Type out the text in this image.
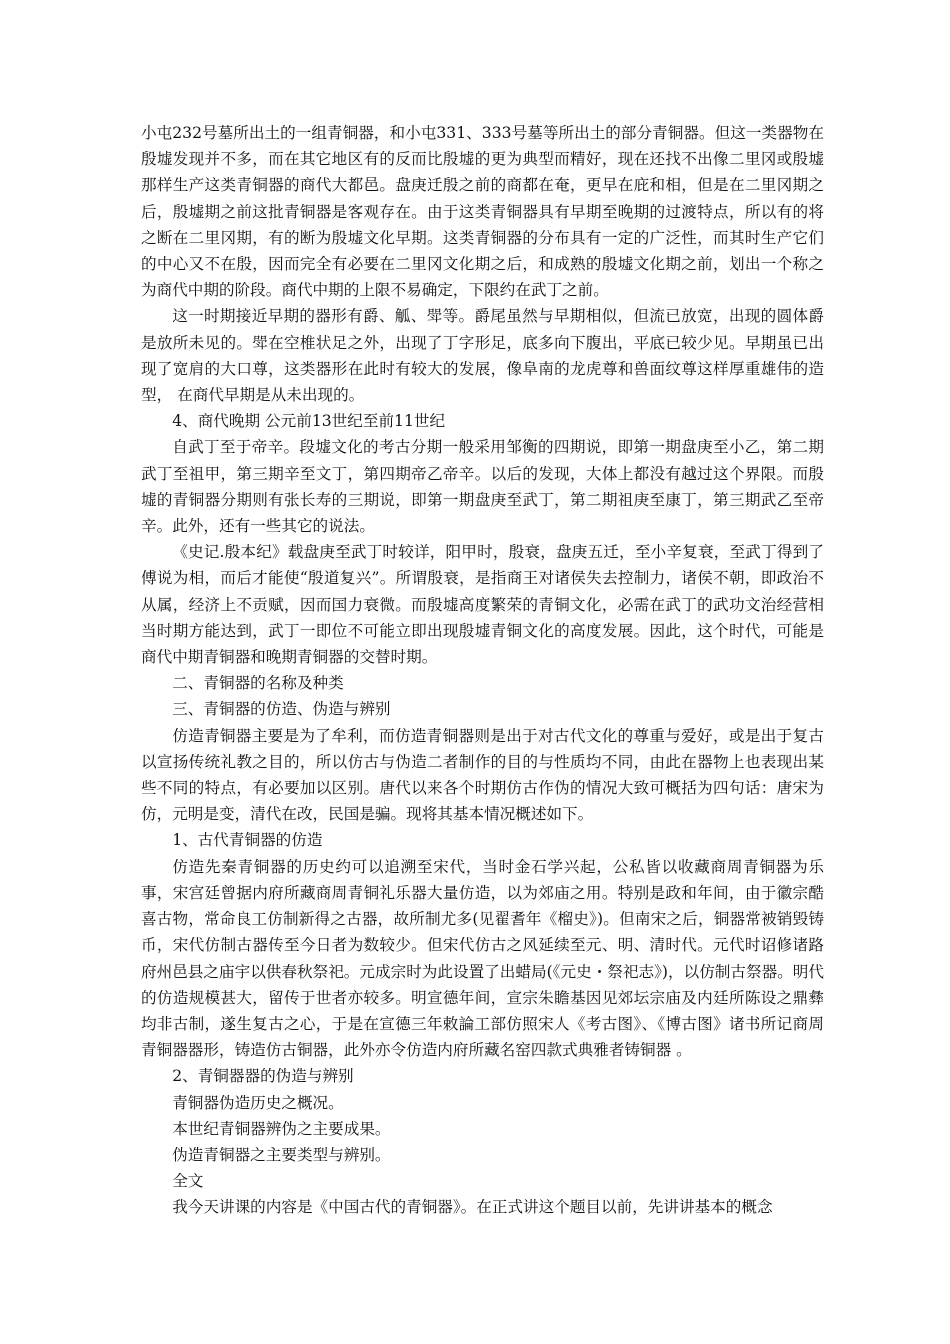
小屯232号墓所出土的一组青铜器，和小屯331、333号墓等所出土的部分青铜器。但这一类器物在殷墟发现并不多，而在其它地区有的反而比殷墟的更为典型而精好，现在还找不出像二里冈或殷墟那样生产这类青铜器的商代大都邑。盘庚迁殷之前的商都在奄，更早在庇和相，但是在二里冈期之后，殷墟期之前这批青铜器是客观存在。由于这类青铜器具有早期至晚期的过渡特点，所以有的将之断在二里冈期，有的断为殷墟文化早期。这类青铜器的分布具有一定的广泛性，而其时生产它们的中心又不在殷，因而完全有必要在二里冈文化期之后，和成熟的殷墟文化期之前，划出一个称之为商代中期的阶段。商代中期的上限不易确定，下限约在武丁之前。

这一时期接近早期的器形有爵、觚、斝等。爵尾虽然与早期相似，但流已放宽，出现的圆体爵是放所未见的。斝在空椎状足之外，出现了丁字形足，底多向下腹出，平底已较少见。早期虽已出现了宽肩的大口尊，这类器形在此时有较大的发展，像阜南的龙虎尊和兽面纹尊这样厚重雄伟的造型， 在商代早期是从未出现的。

4、商代晚期 公元前13世纪至前11世纪

自武丁至于帝辛。段墟文化的考古分期一般采用邹衡的四期说，即第一期盘庚至小乙，第二期武丁至祖甲，第三期辛至文丁，第四期帝乙帝辛。以后的发现，大体上都没有越过这个界限。而殷墟的青铜器分期则有张长寿的三期说，即第一期盘庚至武丁，第二期祖庚至康丁，第三期武乙至帝辛。此外，还有一些其它的说法。

《史记.殷本纪》载盘庚至武丁时较详，阳甲时，殷衰，盘庚五迁，至小辛复衰，至武丁得到了傅说为相，而后才能使“殷道复兴”。所谓殷衰，是指商王对诸侯失去控制力，诸侯不朝，即政治不从属，经济上不贡赋，因而国力衰微。而殷墟高度繁荣的青铜文化，必需在武丁的武功文治经营相当时期方能达到，武丁一即位不可能立即出现殷墟青铜文化的高度发展。因此，这个时代，可能是商代中期青铜器和晚期青铜器的交替时期。

二、青铜器的名称及种类

三、青铜器的仿造、伪造与辨别

仿造青铜器主要是为了牟利，而仿造青铜器则是出于对古代文化的尊重与爱好，或是出于复古以宣扬传统礼教之目的，所以仿古与伪造二者制作的目的与性质均不同，由此在器物上也表现出某些不同的特点，有必要加以区别。唐代以来各个时期仿古作伪的情况大致可概括为四句话：唐宋为仿，元明是变，清代在改，民国是骗。现将其基本情况概述如下。

1、古代青铜器的仿造

仿造先秦青铜器的历史约可以追溯至宋代，当时金石学兴起，公私皆以收藏商周青铜器为乐事，宋宫廷曾据内府所藏商周青铜礼乐器大量仿造，以为郊庙之用。特别是政和年间，由于徽宗酷喜古物，常命良工仿制新得之古器，故所制尤多(见翟耆年《榴史》)。但南宋之后，铜器常被销毁铸币，宋代仿制古器传至今日者为数较少。但宋代仿古之风延续至元、明、清时代。元代时诏修诸路府州邑县之庙宇以供春秋祭祀。元成宗时为此设置了出蜡局(《元史・祭祀志》)，以仿制古祭器。明代的仿造规模甚大，留传于世者亦较多。明宣德年间，宣宗朱瞻基因见郊坛宗庙及内廷所陈设之鼎彝均非古制，遂生复古之心，于是在宣德三年敕論工部仿照宋人《考古图》、《博古图》诸书所记商周青铜器器形，铸造仿古铜器，此外亦令仿造内府所藏名窑四款式典雅者铸铜器 。

2、青铜器器的伪造与辨别

青铜器伪造历史之概况。

本世纪青铜器辨伪之主要成果。

伪造青铜器之主要类型与辨别。

全文

我今天讲课的内容是《中国古代的青铜器》。在正式讲这个题目以前，先讲讲基本的概念
